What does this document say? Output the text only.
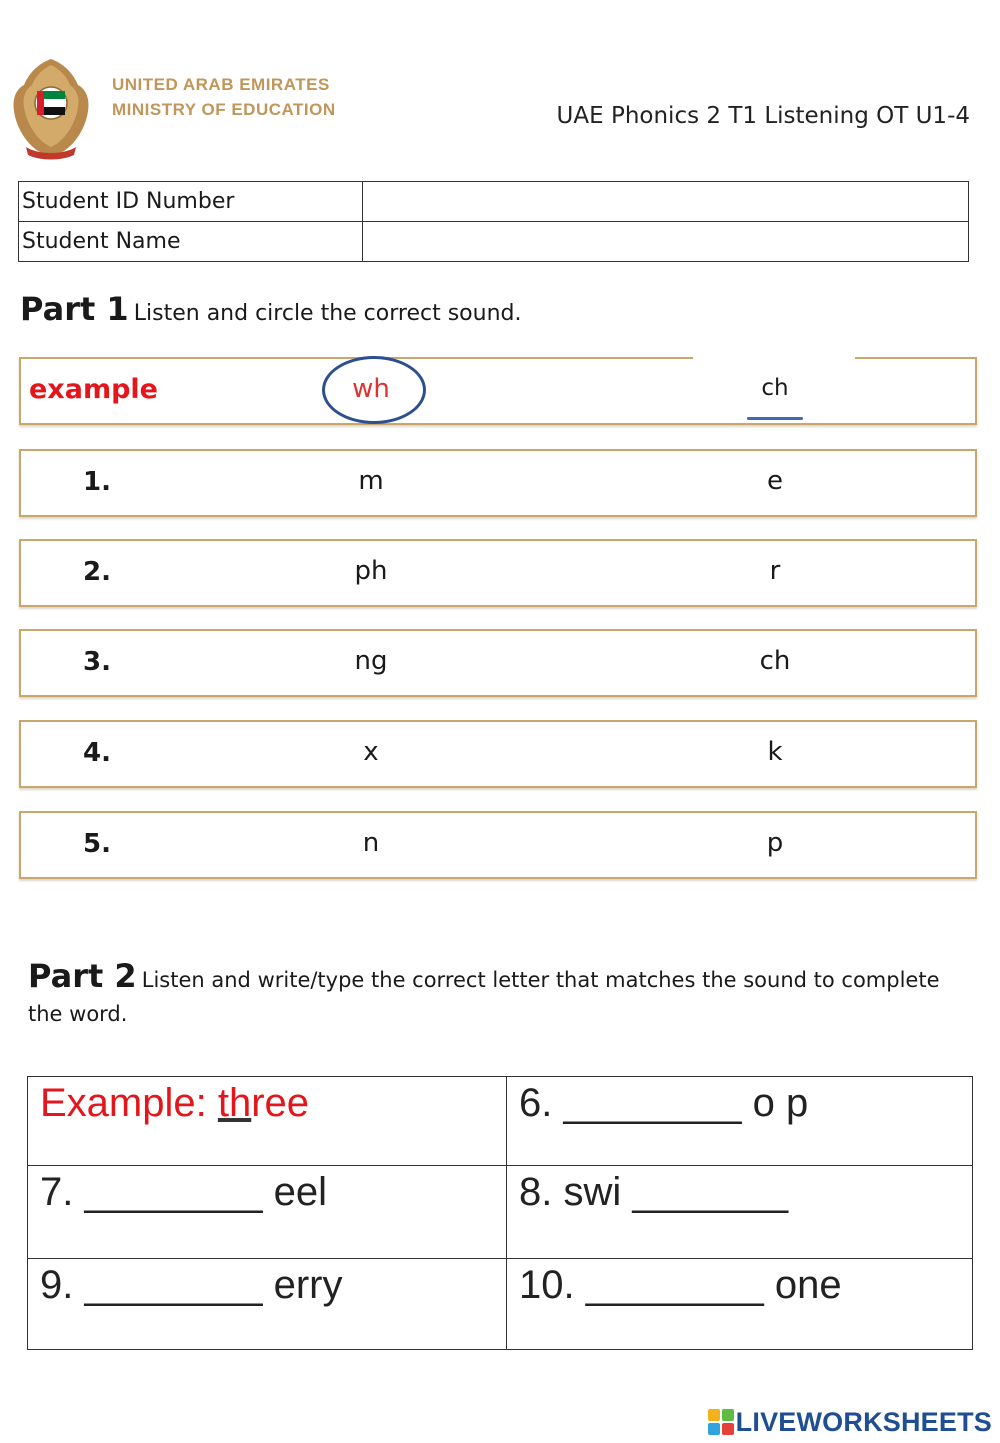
UNITED ARAB EMIRATES
MINISTRY OF EDUCATION	UAE Phonics 2 T1 Listening OT U1-4
Student ID Number	
Student Name	
Part 1 Listen and circle the correct sound.
example	wh	ch
1.	m	e
2.	ph	r
3.	ng	ch
4.	x	k
5.	n	p
Part 2 Listen and write/type the correct letter that matches the sound to complete the word.
Example: three	6. ________ o p
7. ________ eel	8. swi _______
9. ________ erry	10. ________ one
LIVEWORKSHEETS
